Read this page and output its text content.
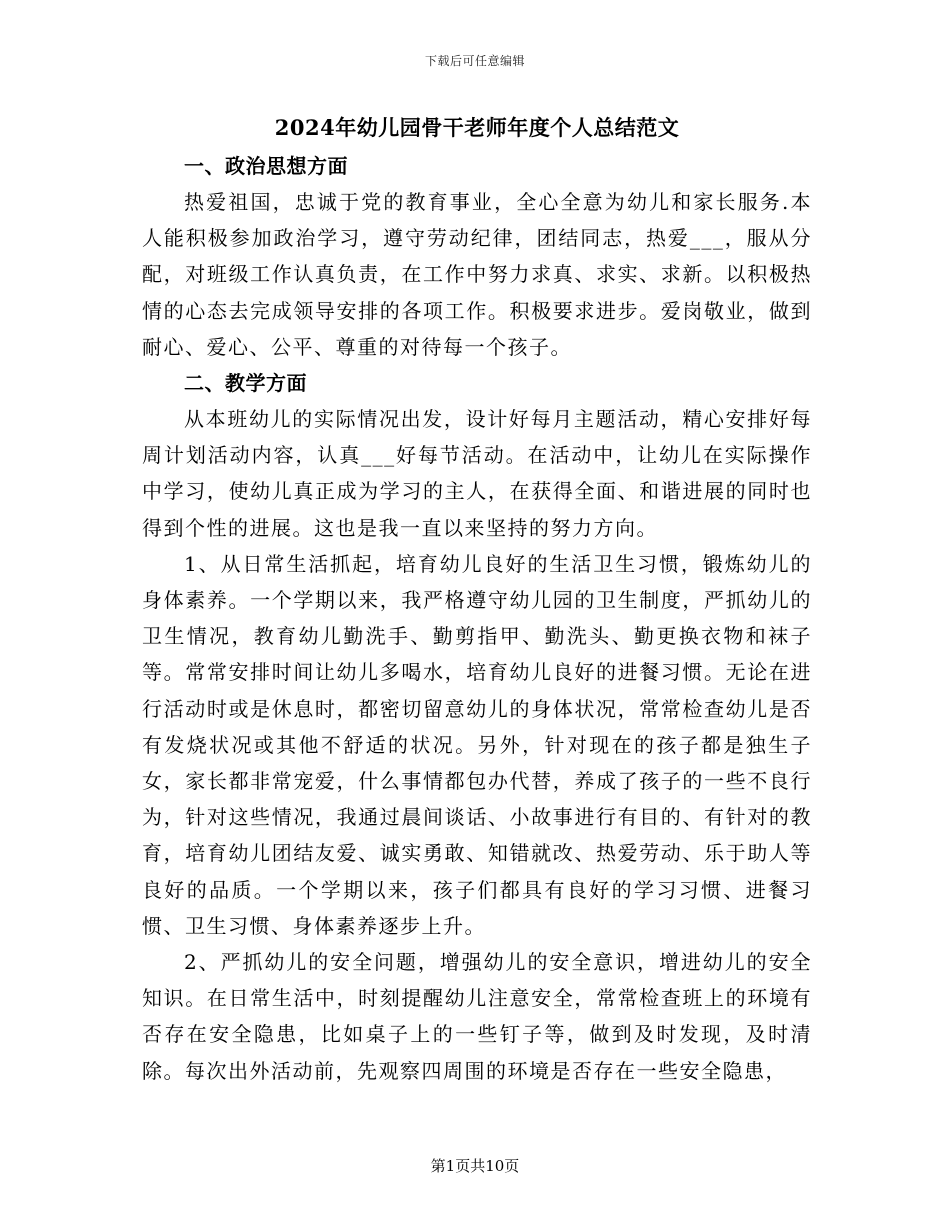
下载后可任意编辑
2024年幼儿园骨干老师年度个人总结范文
一、政治思想方面

热爱祖国，忠诚于党的教育事业，全心全意为幼儿和家长服务.本人能积极参加政治学习，遵守劳动纪律，团结同志，热爱___，服从分配，对班级工作认真负责，在工作中努力求真、求实、求新。以积极热情的心态去完成领导安排的各项工作。积极要求进步。爱岗敬业，做到耐心、爱心、公平、尊重的对待每一个孩子。

二、教学方面

从本班幼儿的实际情况出发，设计好每月主题活动，精心安排好每周计划活动内容，认真___好每节活动。在活动中，让幼儿在实际操作中学习，使幼儿真正成为学习的主人，在获得全面、和谐进展的同时也得到个性的进展。这也是我一直以来坚持的努力方向。

1、从日常生活抓起，培育幼儿良好的生活卫生习惯，锻炼幼儿的身体素养。一个学期以来，我严格遵守幼儿园的卫生制度，严抓幼儿的卫生情况，教育幼儿勤洗手、勤剪指甲、勤洗头、勤更换衣物和袜子等。常常安排时间让幼儿多喝水，培育幼儿良好的进餐习惯。无论在进行活动时或是休息时，都密切留意幼儿的身体状况，常常检查幼儿是否有发烧状况或其他不舒适的状况。另外，针对现在的孩子都是独生子女，家长都非常宠爱，什么事情都包办代替，养成了孩子的一些不良行为，针对这些情况，我通过晨间谈话、小故事进行有目的、有针对的教育，培育幼儿团结友爱、诚实勇敢、知错就改、热爱劳动、乐于助人等良好的品质。一个学期以来，孩子们都具有良好的学习习惯、进餐习惯、卫生习惯、身体素养逐步上升。

2、严抓幼儿的安全问题，增强幼儿的安全意识，增进幼儿的安全知识。在日常生活中，时刻提醒幼儿注意安全，常常检查班上的环境有否存在安全隐患，比如桌子上的一些钉子等，做到及时发现，及时清除。每次出外活动前，先观察四周围的环境是否存在一些安全隐患，

第1页共10页
